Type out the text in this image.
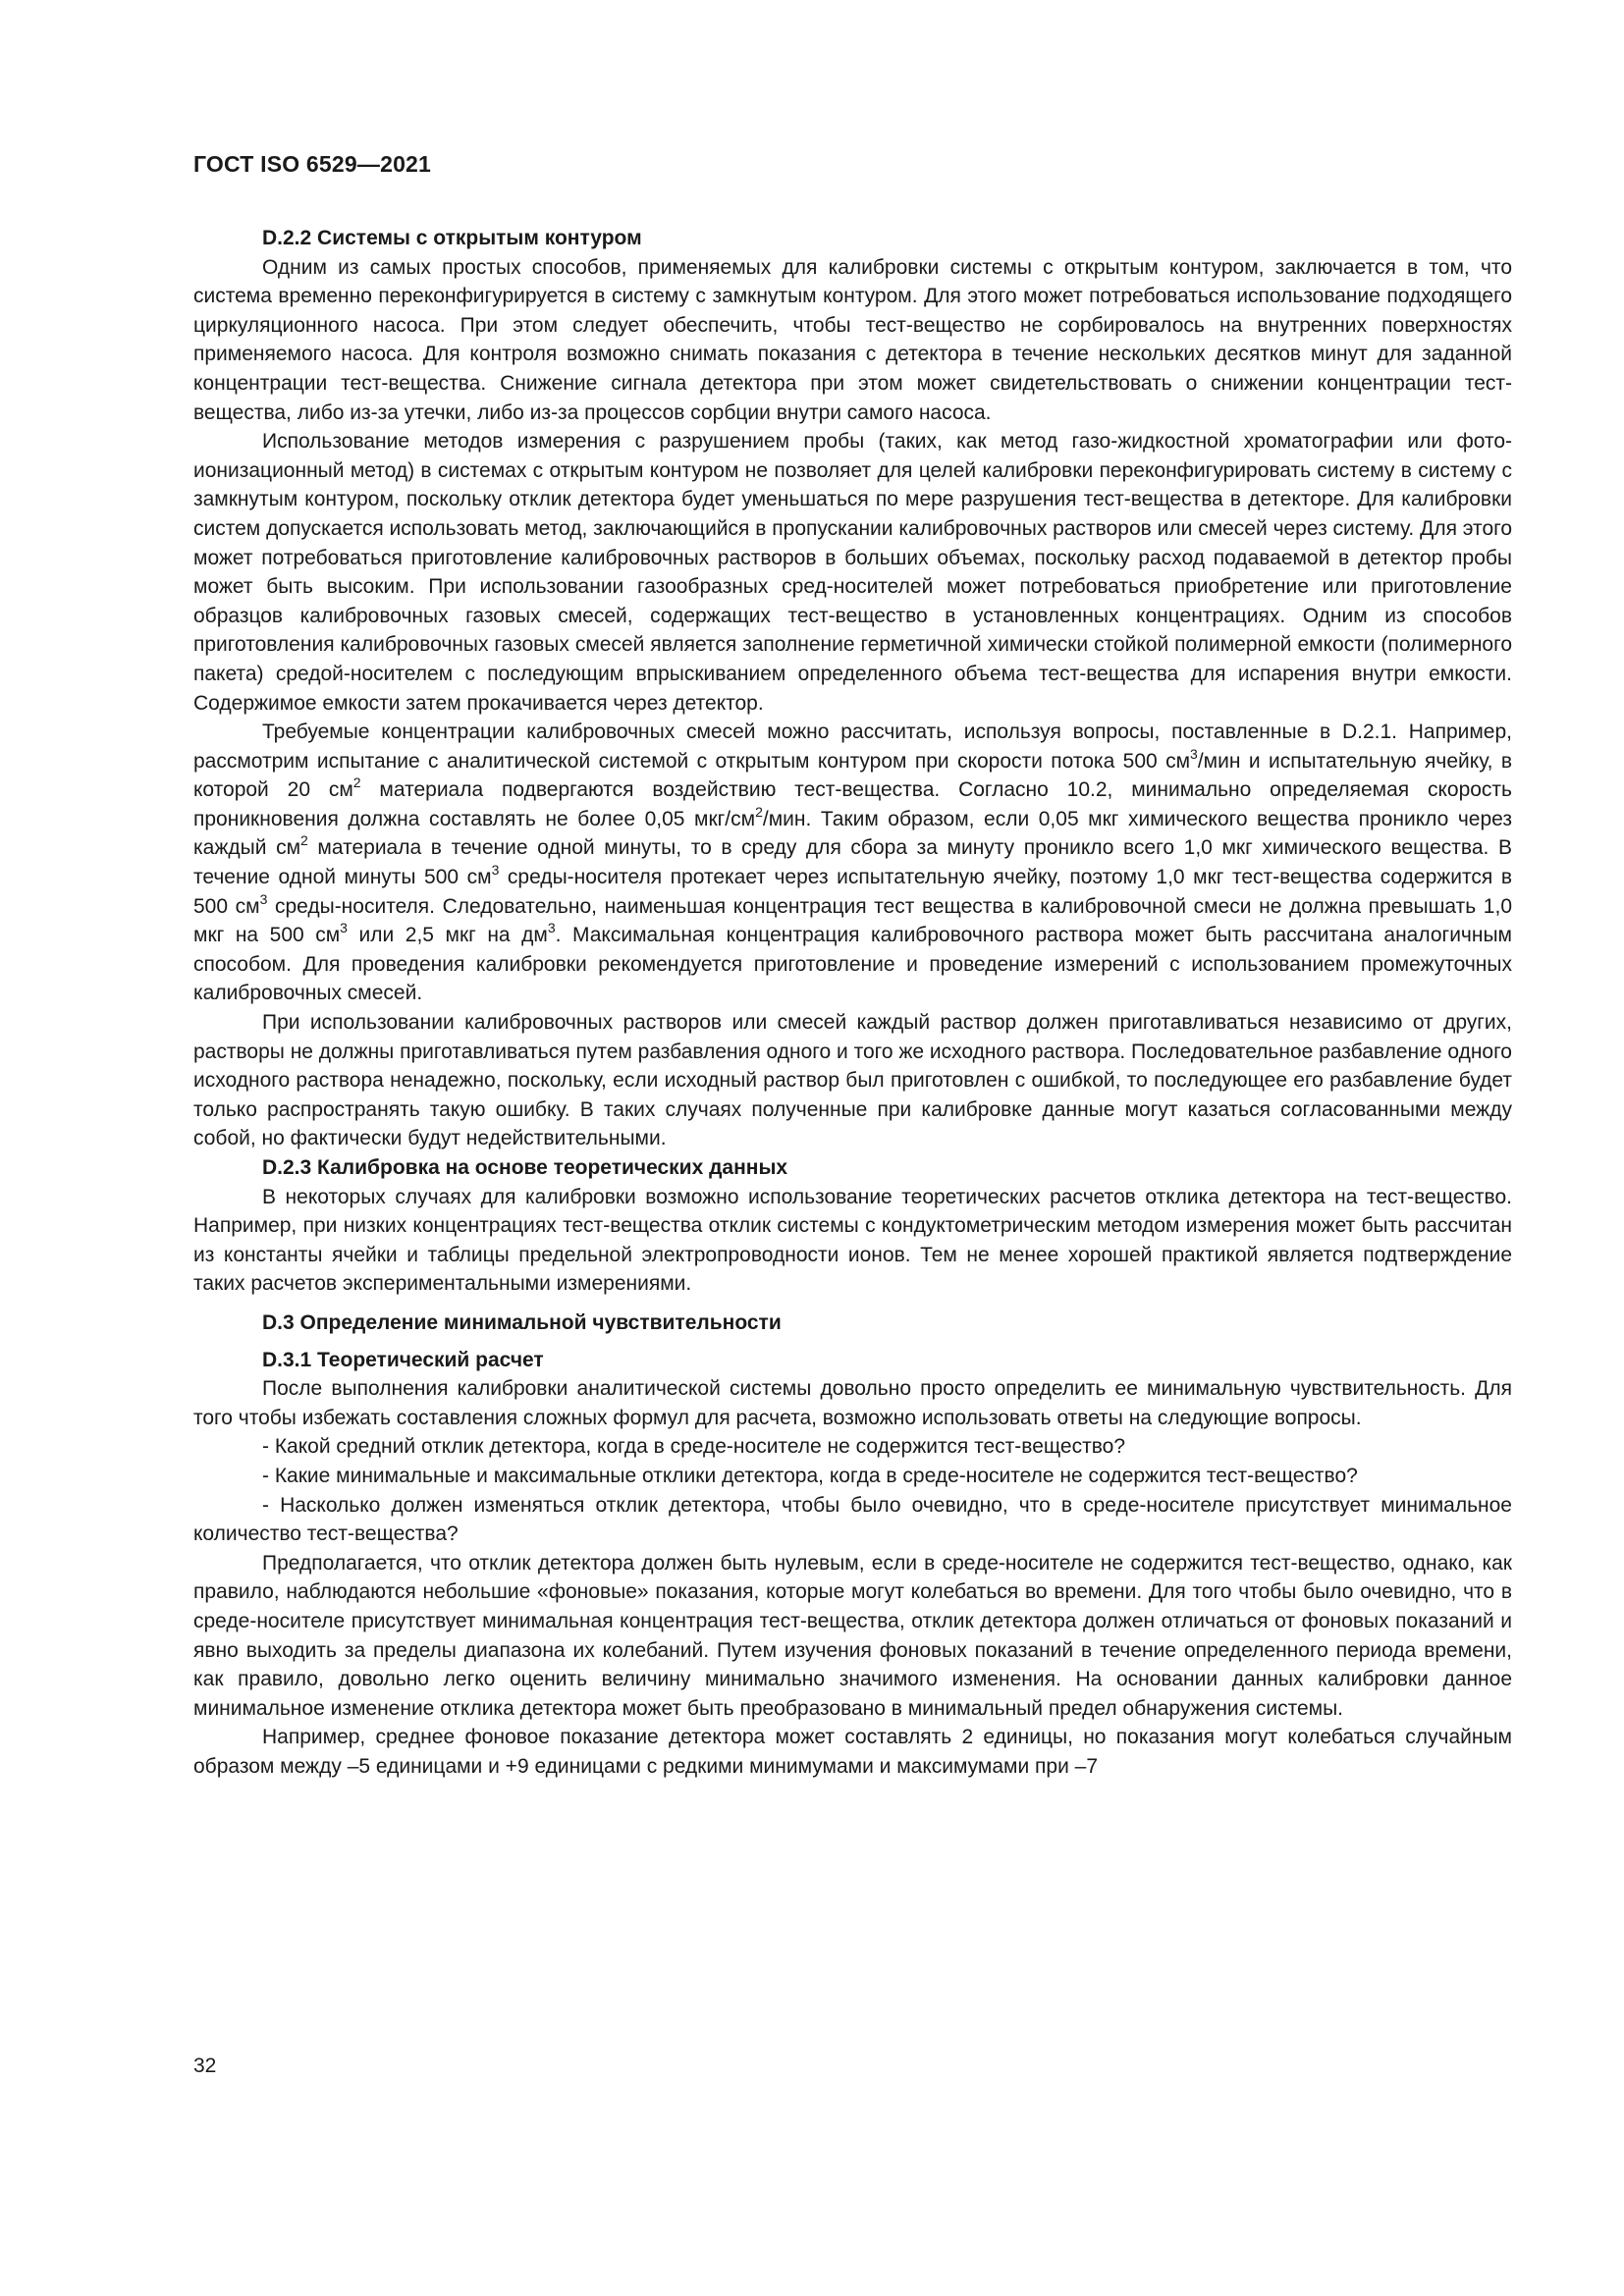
ГОСТ ISO 6529—2021
D.2.2 Системы с открытым контуром

Одним из самых простых способов, применяемых для калибровки системы с открытым контуром, заключается в том, что система временно переконфигурируется в систему с замкнутым контуром. Для этого может потребоваться использование подходящего циркуляционного насоса. При этом следует обеспечить, чтобы тест-вещество не сорбировалось на внутренних поверхностях применяемого насоса. Для контроля возможно снимать показания с детектора в течение нескольких десятков минут для заданной концентрации тест-вещества. Снижение сигнала детектора при этом может свидетельствовать о снижении концентрации тест-вещества, либо из-за утечки, либо из-за процессов сорбции внутри самого насоса.

Использование методов измерения с разрушением пробы (таких, как метод газо-жидкостной хроматографии или фото-ионизационный метод) в системах с открытым контуром не позволяет для целей калибровки переконфигурировать систему в систему с замкнутым контуром, поскольку отклик детектора будет уменьшаться по мере разрушения тест-вещества в детекторе. Для калибровки систем допускается использовать метод, заключающийся в пропускании калибровочных растворов или смесей через систему. Для этого может потребоваться приготовление калибровочных растворов в больших объемах, поскольку расход подаваемой в детектор пробы может быть высоким. При использовании газообразных сред-носителей может потребоваться приобретение или приготовление образцов калибровочных газовых смесей, содержащих тест-вещество в установленных концентрациях. Одним из способов приготовления калибровочных газовых смесей является заполнение герметичной химически стойкой полимерной емкости (полимерного пакета) средой-носителем с последующим впрыскиванием определенного объема тест-вещества для испарения внутри емкости. Содержимое емкости затем прокачивается через детектор.

Требуемые концентрации калибровочных смесей можно рассчитать, используя вопросы, поставленные в D.2.1. Например, рассмотрим испытание с аналитической системой с открытым контуром при скорости потока 500 $см^3$/мин и испытательную ячейку, в которой 20 $см^2$ материала подвергаются воздействию тест-вещества. Согласно 10.2, минимально определяемая скорость проникновения должна составлять не более 0,05 мкг/$см^2$/мин. Таким образом, если 0,05 мкг химического вещества проникло через каждый $см^2$ материала в течение одной минуты, то в среду для сбора за минуту проникло всего 1,0 мкг химического вещества. В течение одной минуты 500 $см^3$ среды-носителя протекает через испытательную ячейку, поэтому 1,0 мкг тест-вещества содержится в 500 $см^3$ среды-носителя. Следовательно, наименьшая концентрация тест вещества в калибровочной смеси не должна превышать 1,0 мкг на 500 $см^3$ или 2,5 мкг на $дм^3$. Максимальная концентрация калибровочного раствора может быть рассчитана аналогичным способом. Для проведения калибровки рекомендуется приготовление и проведение измерений с использованием промежуточных калибровочных смесей.

При использовании калибровочных растворов или смесей каждый раствор должен приготавливаться независимо от других, растворы не должны приготавливаться путем разбавления одного и того же исходного раствора. Последовательное разбавление одного исходного раствора ненадежно, поскольку, если исходный раствор был приготовлен с ошибкой, то последующее его разбавление будет только распространять такую ошибку. В таких случаях полученные при калибровке данные могут казаться согласованными между собой, но фактически будут недействительными.

D.2.3 Калибровка на основе теоретических данных

В некоторых случаях для калибровки возможно использование теоретических расчетов отклика детектора на тест-вещество. Например, при низких концентрациях тест-вещества отклик системы с кондуктометрическим методом измерения может быть рассчитан из константы ячейки и таблицы предельной электропроводности ионов. Тем не менее хорошей практикой является подтверждение таких расчетов экспериментальными измерениями.

D.3 Определение минимальной чувствительности
D.3.1 Теоретический расчет

После выполнения калибровки аналитической системы довольно просто определить ее минимальную чувствительность. Для того чтобы избежать составления сложных формул для расчета, возможно использовать ответы на следующие вопросы.

- Какой средний отклик детектора, когда в среде-носителе не содержится тест-вещество?

- Какие минимальные и максимальные отклики детектора, когда в среде-носителе не содержится тест-вещество?

- Насколько должен изменяться отклик детектора, чтобы было очевидно, что в среде-носителе присутствует минимальное количество тест-вещества?

Предполагается, что отклик детектора должен быть нулевым, если в среде-носителе не содержится тест-вещество, однако, как правило, наблюдаются небольшие «фоновые» показания, которые могут колебаться во времени. Для того чтобы было очевидно, что в среде-носителе присутствует минимальная концентрация тест-вещества, отклик детектора должен отличаться от фоновых показаний и явно выходить за пределы диапазона их колебаний. Путем изучения фоновых показаний в течение определенного периода времени, как правило, довольно легко оценить величину минимально значимого изменения. На основании данных калибровки данное минимальное изменение отклика детектора может быть преобразовано в минимальный предел обнаружения системы.

Например, среднее фоновое показание детектора может составлять 2 единицы, но показания могут колебаться случайным образом между –5 единицами и +9 единицами с редкими минимумами и максимумами при –7

32
